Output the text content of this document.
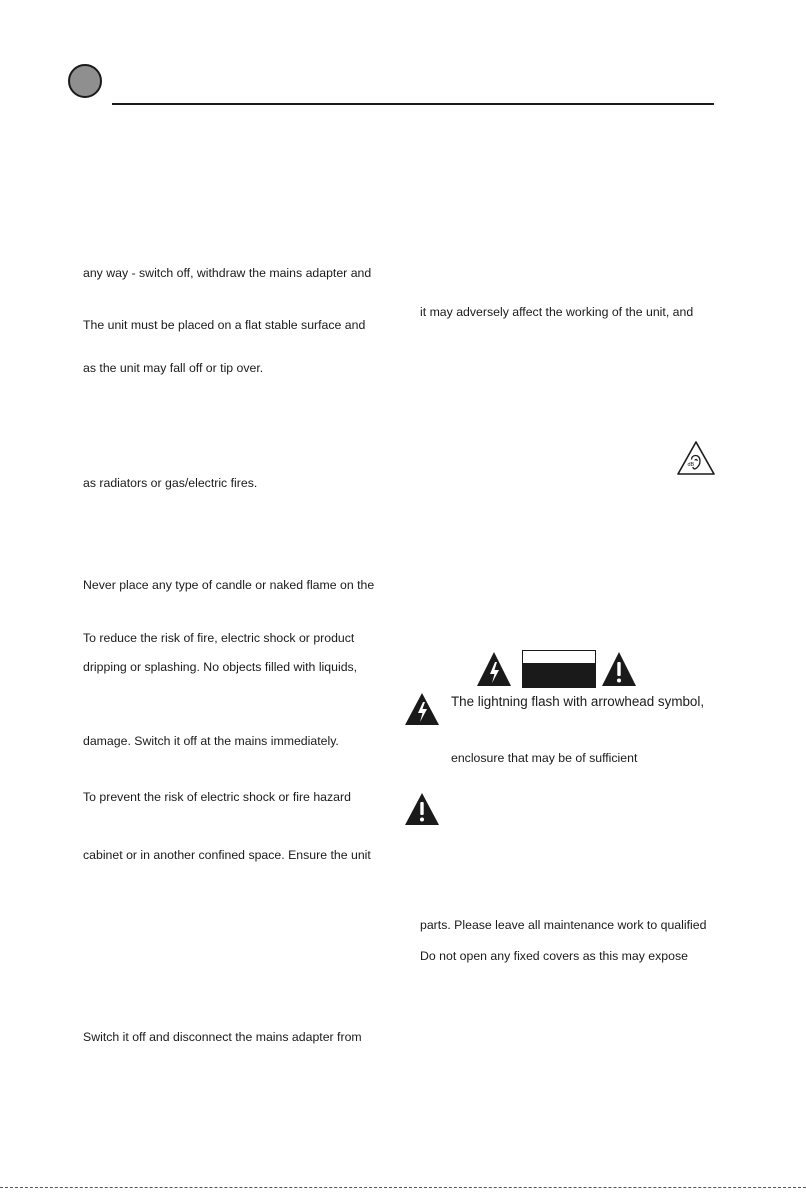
any way - switch off, withdraw the mains adapter and
The unit must be placed on a flat stable surface and
as the unit may fall off or tip over.
as radiators or gas/electric fires.
Never place any type of candle or naked flame on the
To reduce the risk of fire, electric shock or product
dripping or splashing. No objects filled with liquids,
damage. Switch it off at the mains immediately.
To prevent the risk of electric shock or fire hazard
cabinet or in another confined space. Ensure the unit
Switch it off and disconnect the mains adapter from
it may adversely affect the working of the unit, and
dB
The lightning flash with arrowhead symbol,
enclosure that may be of sufficient
parts. Please leave all maintenance work to qualified
Do not open any fixed covers as this may expose
